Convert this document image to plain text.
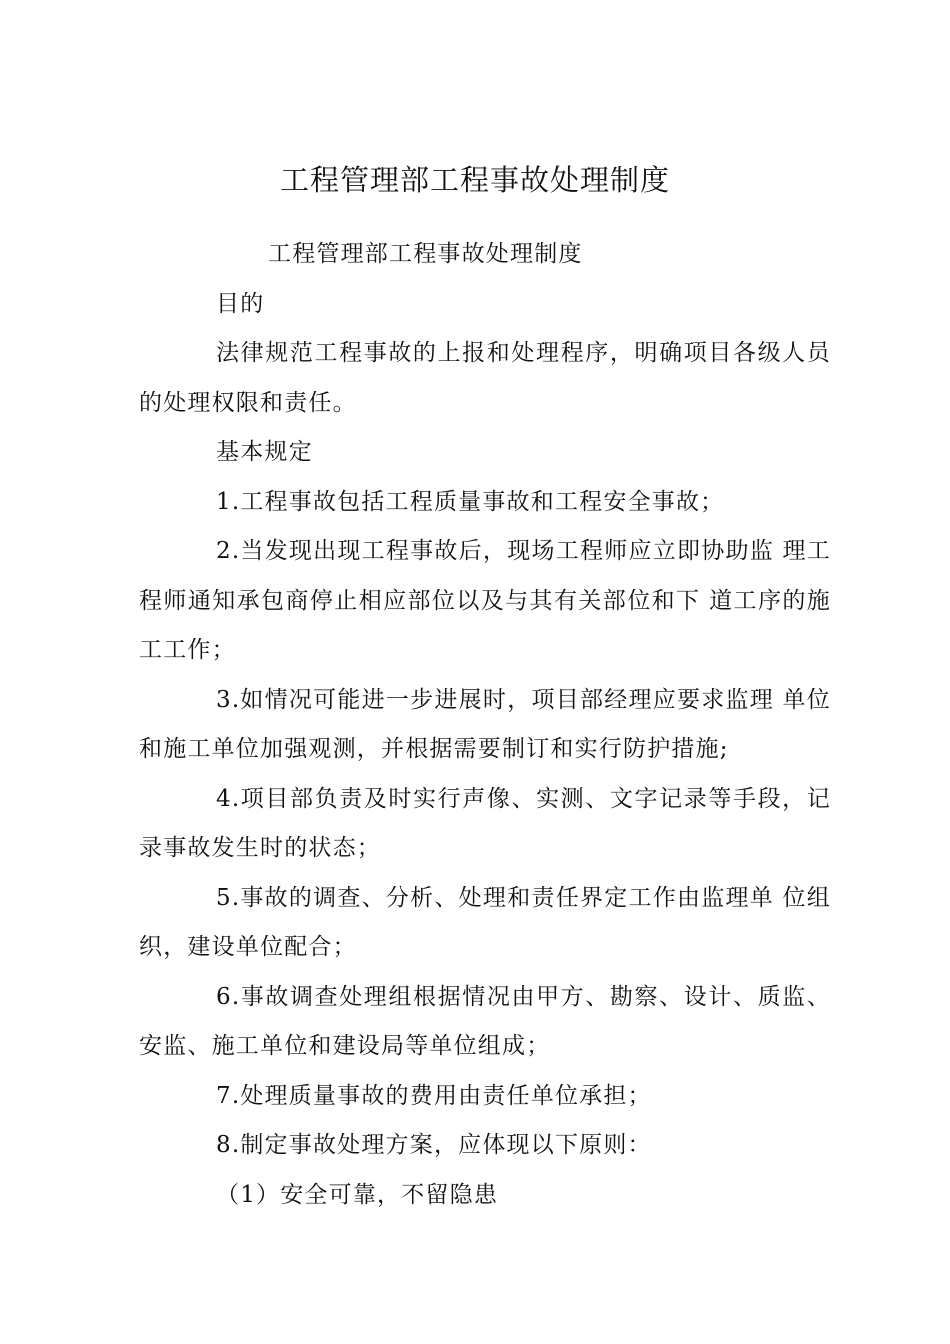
工程管理部工程事故处理制度

工程管理部工程事故处理制度

目的

法律规范工程事故的上报和处理程序，明确项目各级人员的处理权限和责任。

基本规定

1.工程事故包括工程质量事故和工程安全事故；

2.当发现出现工程事故后，现场工程师应立即协助监 理工程师通知承包商停止相应部位以及与其有关部位和下 道工序的施工工作；

3.如情况可能进一步进展时，项目部经理应要求监理 单位和施工单位加强观测，并根据需要制订和实行防护措施;

4.项目部负责及时实行声像、实测、文字记录等手段，记录事故发生时的状态；

5.事故的调查、分析、处理和责任界定工作由监理单 位组织，建设单位配合；

6.事故调查处理组根据情况由甲方、勘察、设计、质监、安监、施工单位和建设局等单位组成；

7.处理质量事故的费用由责任单位承担；

8.制定事故处理方案，应体现以下原则：

（1）安全可靠，不留隐患
